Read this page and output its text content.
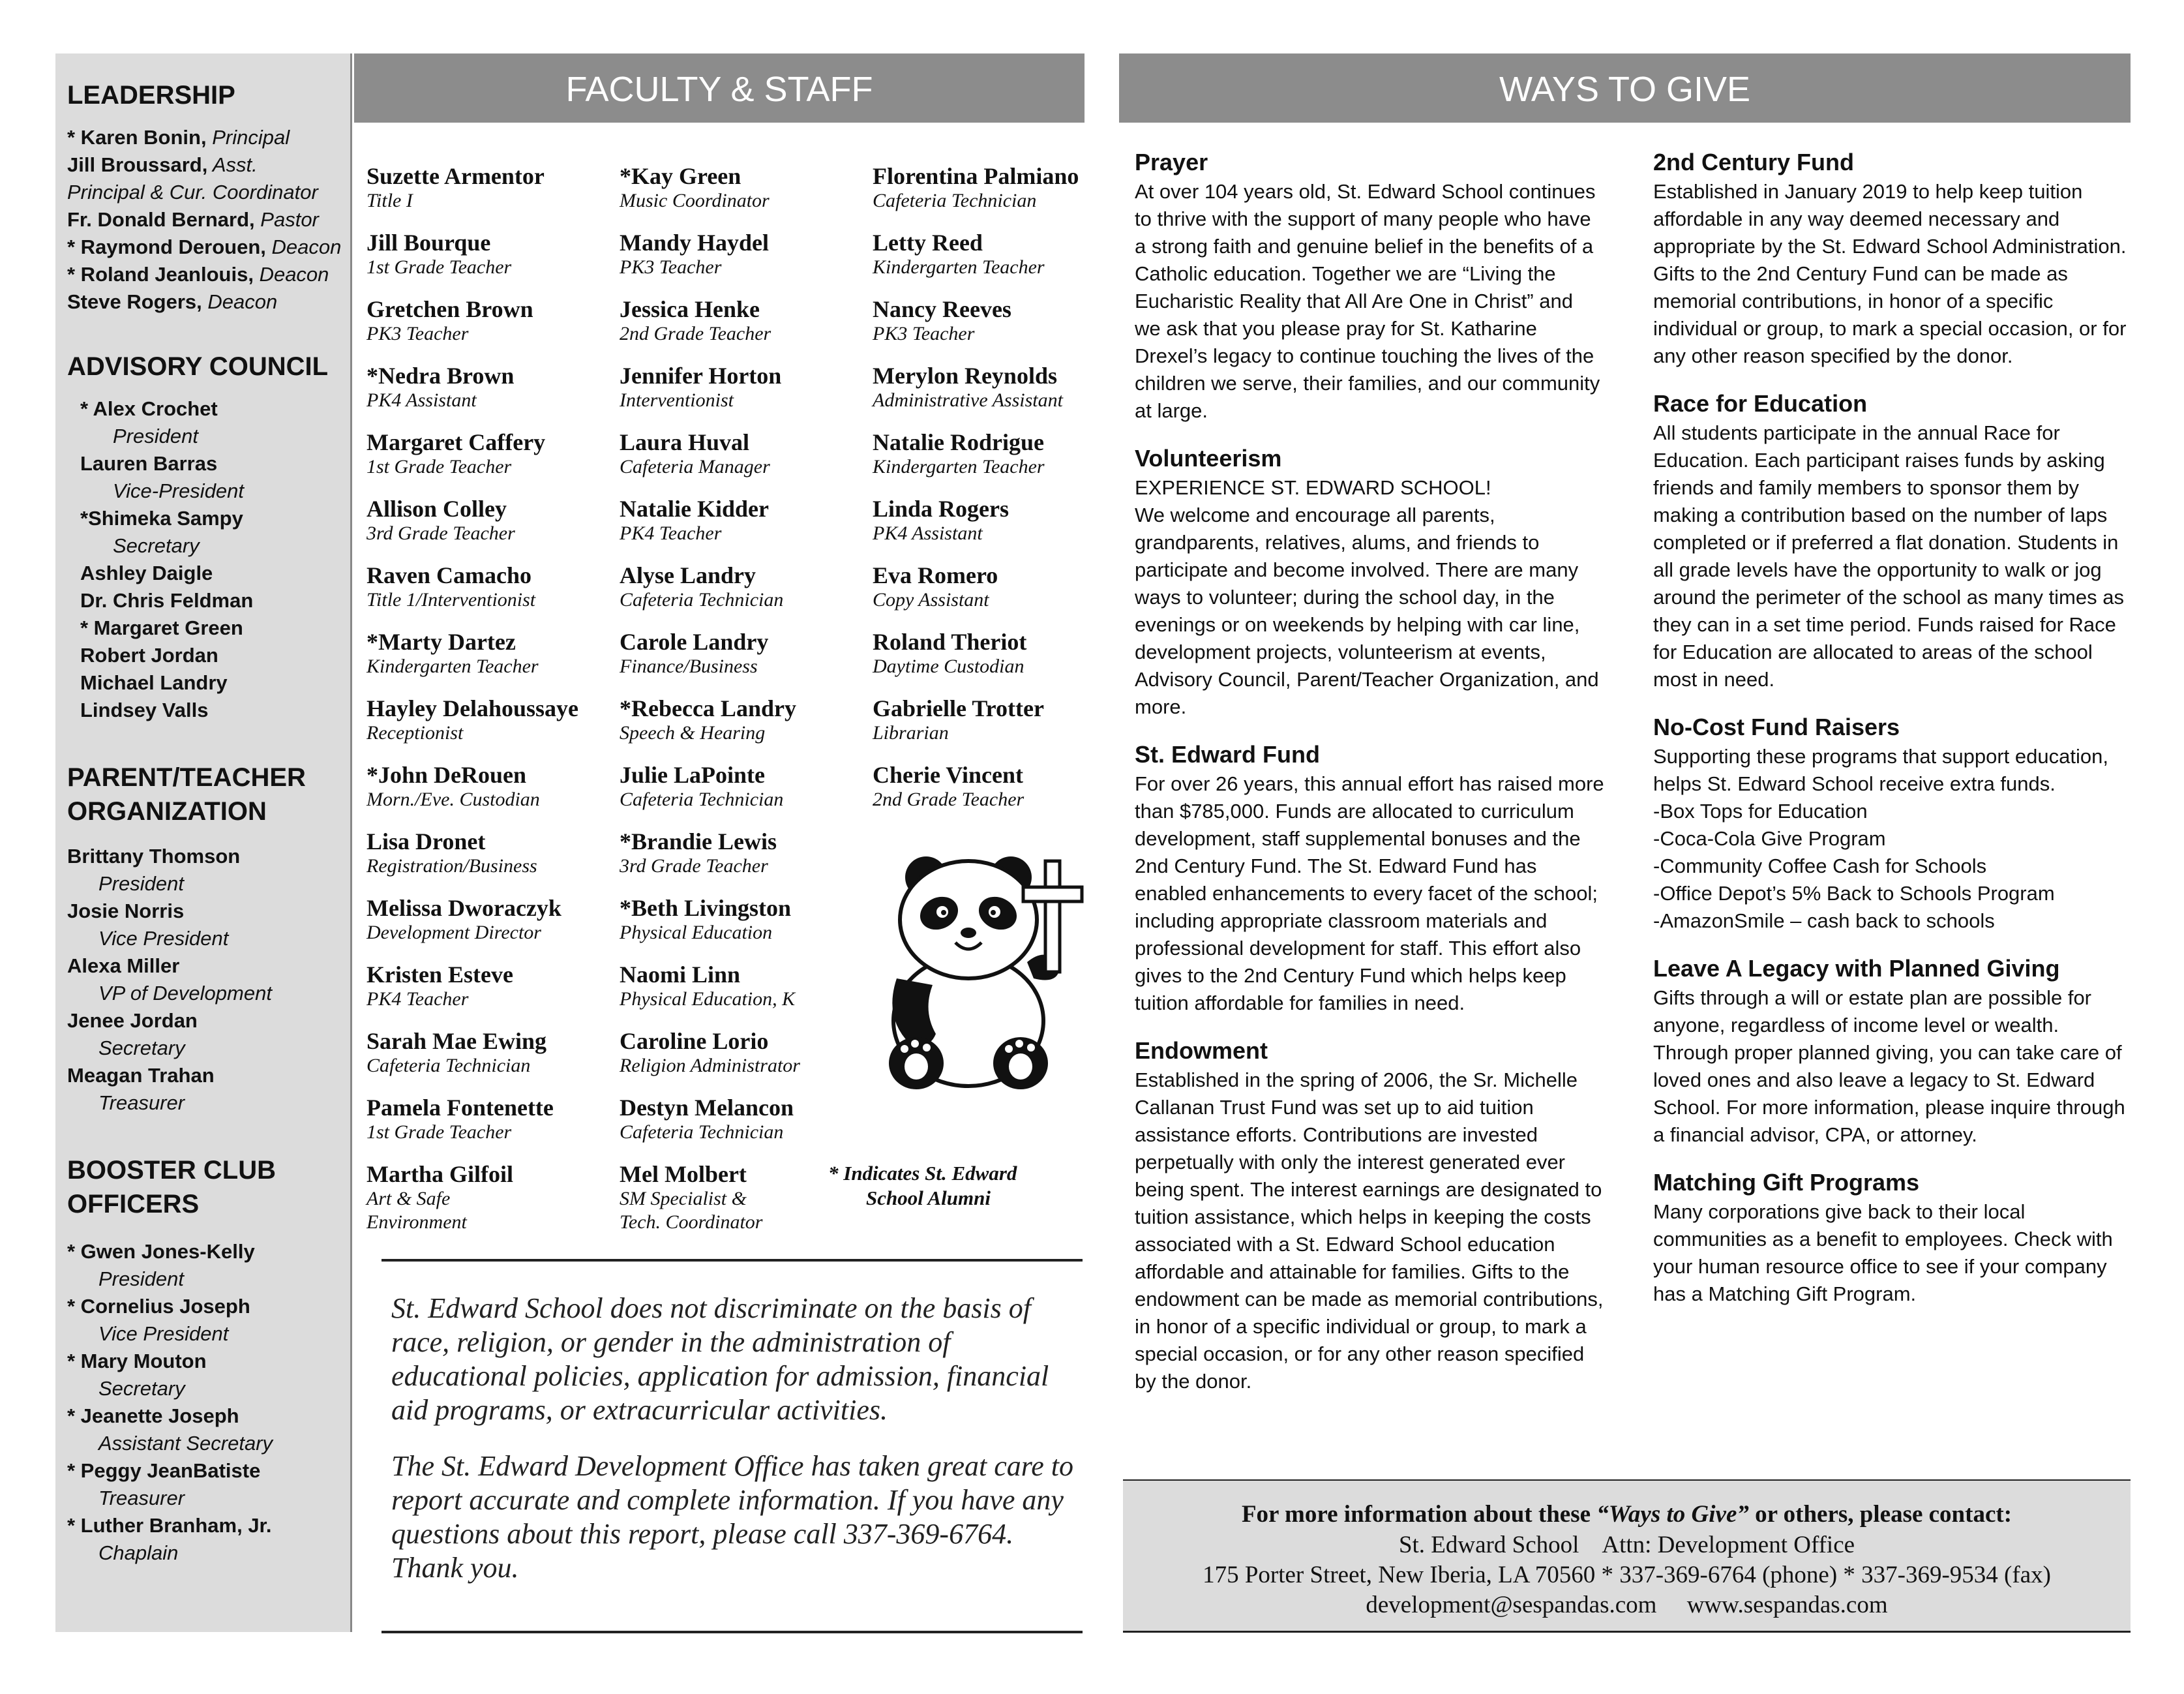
LEADERSHIP
* Karen Bonin, Principal
Jill Broussard, Asst.
Principal & Cur. Coordinator
Fr. Donald Bernard, Pastor
* Raymond Derouen, Deacon
* Roland Jeanlouis, Deacon
Steve Rogers, Deacon
ADVISORY COUNCIL
* Alex Crochet
President
Lauren Barras
Vice-President
*Shimeka Sampy
Secretary
Ashley Daigle
Dr. Chris Feldman
* Margaret Green
Robert Jordan
Michael Landry
Lindsey Valls
PARENT/TEACHER
ORGANIZATION
Brittany Thomson
President
Josie Norris
Vice President
Alexa Miller
VP of Development
Jenee Jordan
Secretary
Meagan Trahan
Treasurer
BOOSTER CLUB
OFFICERS
* Gwen Jones-Kelly
President
* Cornelius Joseph
Vice President
* Mary Mouton
Secretary
* Jeanette Joseph
Assistant Secretary
* Peggy JeanBatiste
Treasurer
* Luther Branham, Jr.
Chaplain
FACULTY & STAFF
Suzette Armentor
Title I
Jill Bourque
1st Grade Teacher
Gretchen Brown
PK3 Teacher
*Nedra Brown
PK4 Assistant
Margaret Caffery
1st Grade Teacher
Allison Colley
3rd Grade Teacher
Raven Camacho
Title 1/Interventionist
*Marty Dartez
Kindergarten Teacher
Hayley Delahoussaye
Receptionist
*John DeRouen
Morn./Eve. Custodian
Lisa Dronet
Registration/Business
Melissa Dworaczyk
Development Director
Kristen Esteve
PK4 Teacher
Sarah Mae Ewing
Cafeteria Technician
Pamela Fontenette
1st Grade Teacher
Martha Gilfoil
Art & Safe
Environment
*Kay Green
Music Coordinator
Mandy Haydel
PK3 Teacher
Jessica Henke
2nd Grade Teacher
Jennifer Horton
Interventionist
Laura Huval
Cafeteria Manager
Natalie Kidder
PK4 Teacher
Alyse Landry
Cafeteria Technician
Carole Landry
Finance/Business
*Rebecca Landry
Speech & Hearing
Julie LaPointe
Cafeteria Technician
*Brandie Lewis
3rd Grade Teacher
*Beth Livingston
Physical Education
Naomi Linn
Physical Education, K
Caroline Lorio
Religion Administrator
Destyn Melancon
Cafeteria Technician
Mel Molbert
SM Specialist &
Tech. Coordinator
Florentina Palmiano
Cafeteria Technician
Letty Reed
Kindergarten Teacher
Nancy Reeves
PK3 Teacher
Merylon Reynolds
Administrative Assistant
Natalie Rodrigue
Kindergarten Teacher
Linda Rogers
PK4 Assistant
Eva Romero
Copy Assistant
Roland Theriot
Daytime Custodian
Gabrielle Trotter
Librarian
Cherie Vincent
2nd Grade Teacher
* Indicates St. Edward
School Alumni

St. Edward School does not discriminate on the basis of race, religion, or gender in the administration of educational policies, application for admission, financial aid programs, or extracurricular activities.

The St. Edward Development Office has taken great care to report accurate and complete information. If you have any questions about this report, please call 337-369-6764. Thank you.

WAYS TO GIVE
Prayer

At over 104 years old, St. Edward School continues to thrive with the support of many people who have a strong faith and genuine belief in the benefits of a Catholic education. Together we are “Living the Eucharistic Reality that All Are One in Christ” and we ask that you please pray for St. Katharine Drexel’s legacy to continue touching the lives of the children we serve, their families, and our community at large.

Volunteerism
EXPERIENCE ST. EDWARD SCHOOL!

We welcome and encourage all parents, grandparents, relatives, alums, and friends to participate and become involved. There are many ways to volunteer; during the school day, in the evenings or on weekends by helping with car line, development projects, volunteerism at events, Advisory Council, Parent/Teacher Organization, and more.

St. Edward Fund

For over 26 years, this annual effort has raised more than $785,000. Funds are allocated to curriculum development, staff supplemental bonuses and the 2nd Century Fund. The St. Edward Fund has enabled enhancements to every facet of the school; including appropriate classroom materials and professional development for staff. This effort also gives to the 2nd Century Fund which helps keep tuition affordable for families in need.

Endowment

Established in the spring of 2006, the Sr. Michelle Callanan Trust Fund was set up to aid tuition assistance efforts. Contributions are invested perpetually with only the interest generated ever being spent. The interest earnings are designated to tuition assistance, which helps in keeping the costs associated with a St. Edward School education affordable and attainable for families. Gifts to the endowment can be made as memorial contributions, in honor of a specific individual or group, to mark a special occasion, or for any other reason specified by the donor.

2nd Century Fund

Established in January 2019 to help keep tuition affordable in any way deemed necessary and appropriate by the St. Edward School Administration. Gifts to the 2nd Century Fund can be made as memorial contributions, in honor of a specific individual or group, to mark a special occasion, or for any other reason specified by the donor.

Race for Education

All students participate in the annual Race for Education. Each participant raises funds by asking friends and family members to sponsor them by making a contribution based on the number of laps completed or if preferred a flat donation. Students in all grade levels have the opportunity to walk or jog around the perimeter of the school as many times as they can in a set time period. Funds raised for Race for Education are allocated to areas of the school most in need.

No-Cost Fund Raisers

Supporting these programs that support education, helps St. Edward School receive extra funds.

-Box Tops for Education
-Coca-Cola Give Program
-Community Coffee Cash for Schools
-Office Depot’s 5% Back to Schools Program
-AmazonSmile – cash back to schools
Leave A Legacy with Planned Giving

Gifts through a will or estate plan are possible for anyone, regardless of income level or wealth. Through proper planned giving, you can take care of loved ones and also leave a legacy to St. Edward School. For more information, please inquire through a financial advisor, CPA, or attorney.

Matching Gift Programs

Many corporations give back to their local communities as a benefit to employees. Check with your human resource office to see if your company has a Matching Gift Program.

For more information about these “Ways to Give” or others, please contact:
St. Edward School    Attn: Development Office
175 Porter Street, New Iberia, LA 70560 * 337-369-6764 (phone) * 337-369-9534 (fax)
development@sespandas.com     www.sespandas.com
